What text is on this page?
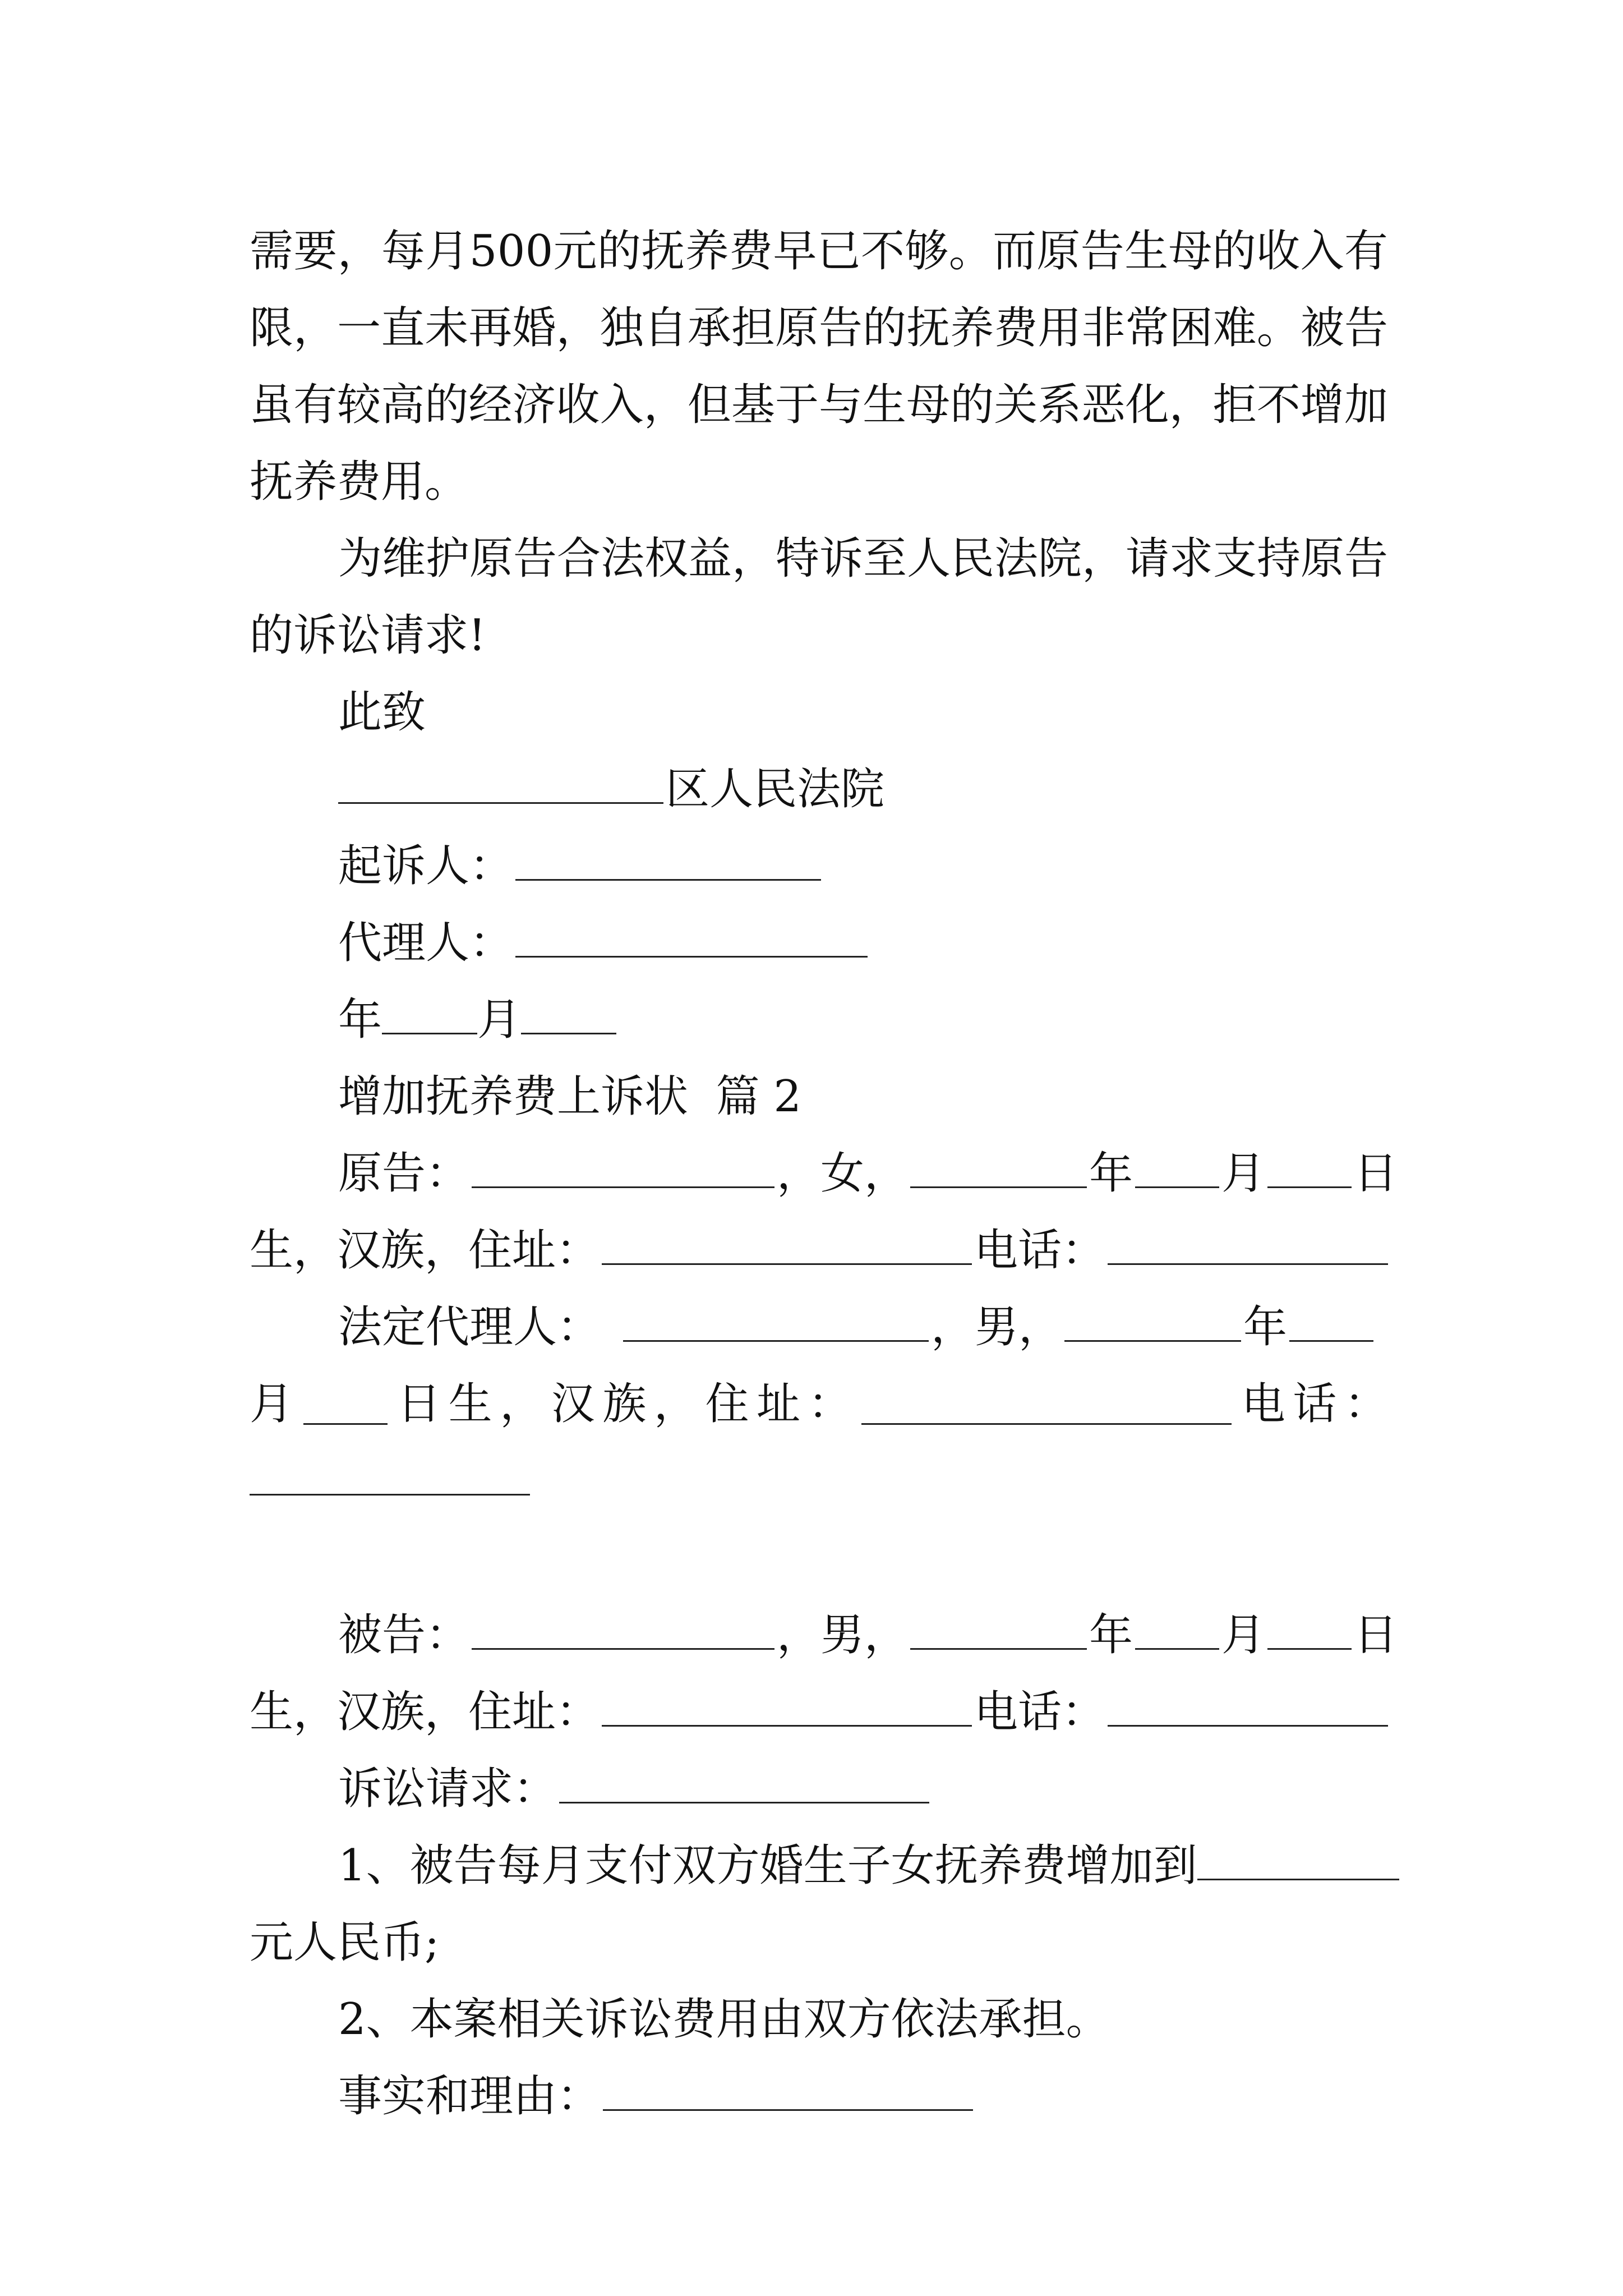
需 要 ， 每 月 5 0 0 元 的 抚 养 费 早 已 不 够 。 而 原 告 生 母 的 收 入 有
限 ， 一 直 未 再 婚 ， 独 自 承 担 原 告 的 抚 养 费 用 非 常 困 难 。 被 告
虽 有 较 高 的 经 济 收 入 ， 但 基 于 与 生 母 的 关 系 恶 化 ， 拒 不 增 加
抚养费用。
为维护原告合法权益，特诉至人民法院，请求支持原告
的诉讼请求!
此致
区人民法院
起诉人：
代理人：
年 月
增加抚养费上诉状  篇 2
原告：	，女，	年 月 日
生，汉族，住址：	电话：
法定代理人：	，男，	年
月 日 生 ， 汉 族 ， 住 址 ：	电 话 ：
被告：	，男，	年 月 日
生，汉族，住址：	电话：
诉讼请求：
1、被告每月支付双方婚生子女抚养费增加到
元人民币;
2、本案相关诉讼费用由双方依法承担。
事实和理由：
